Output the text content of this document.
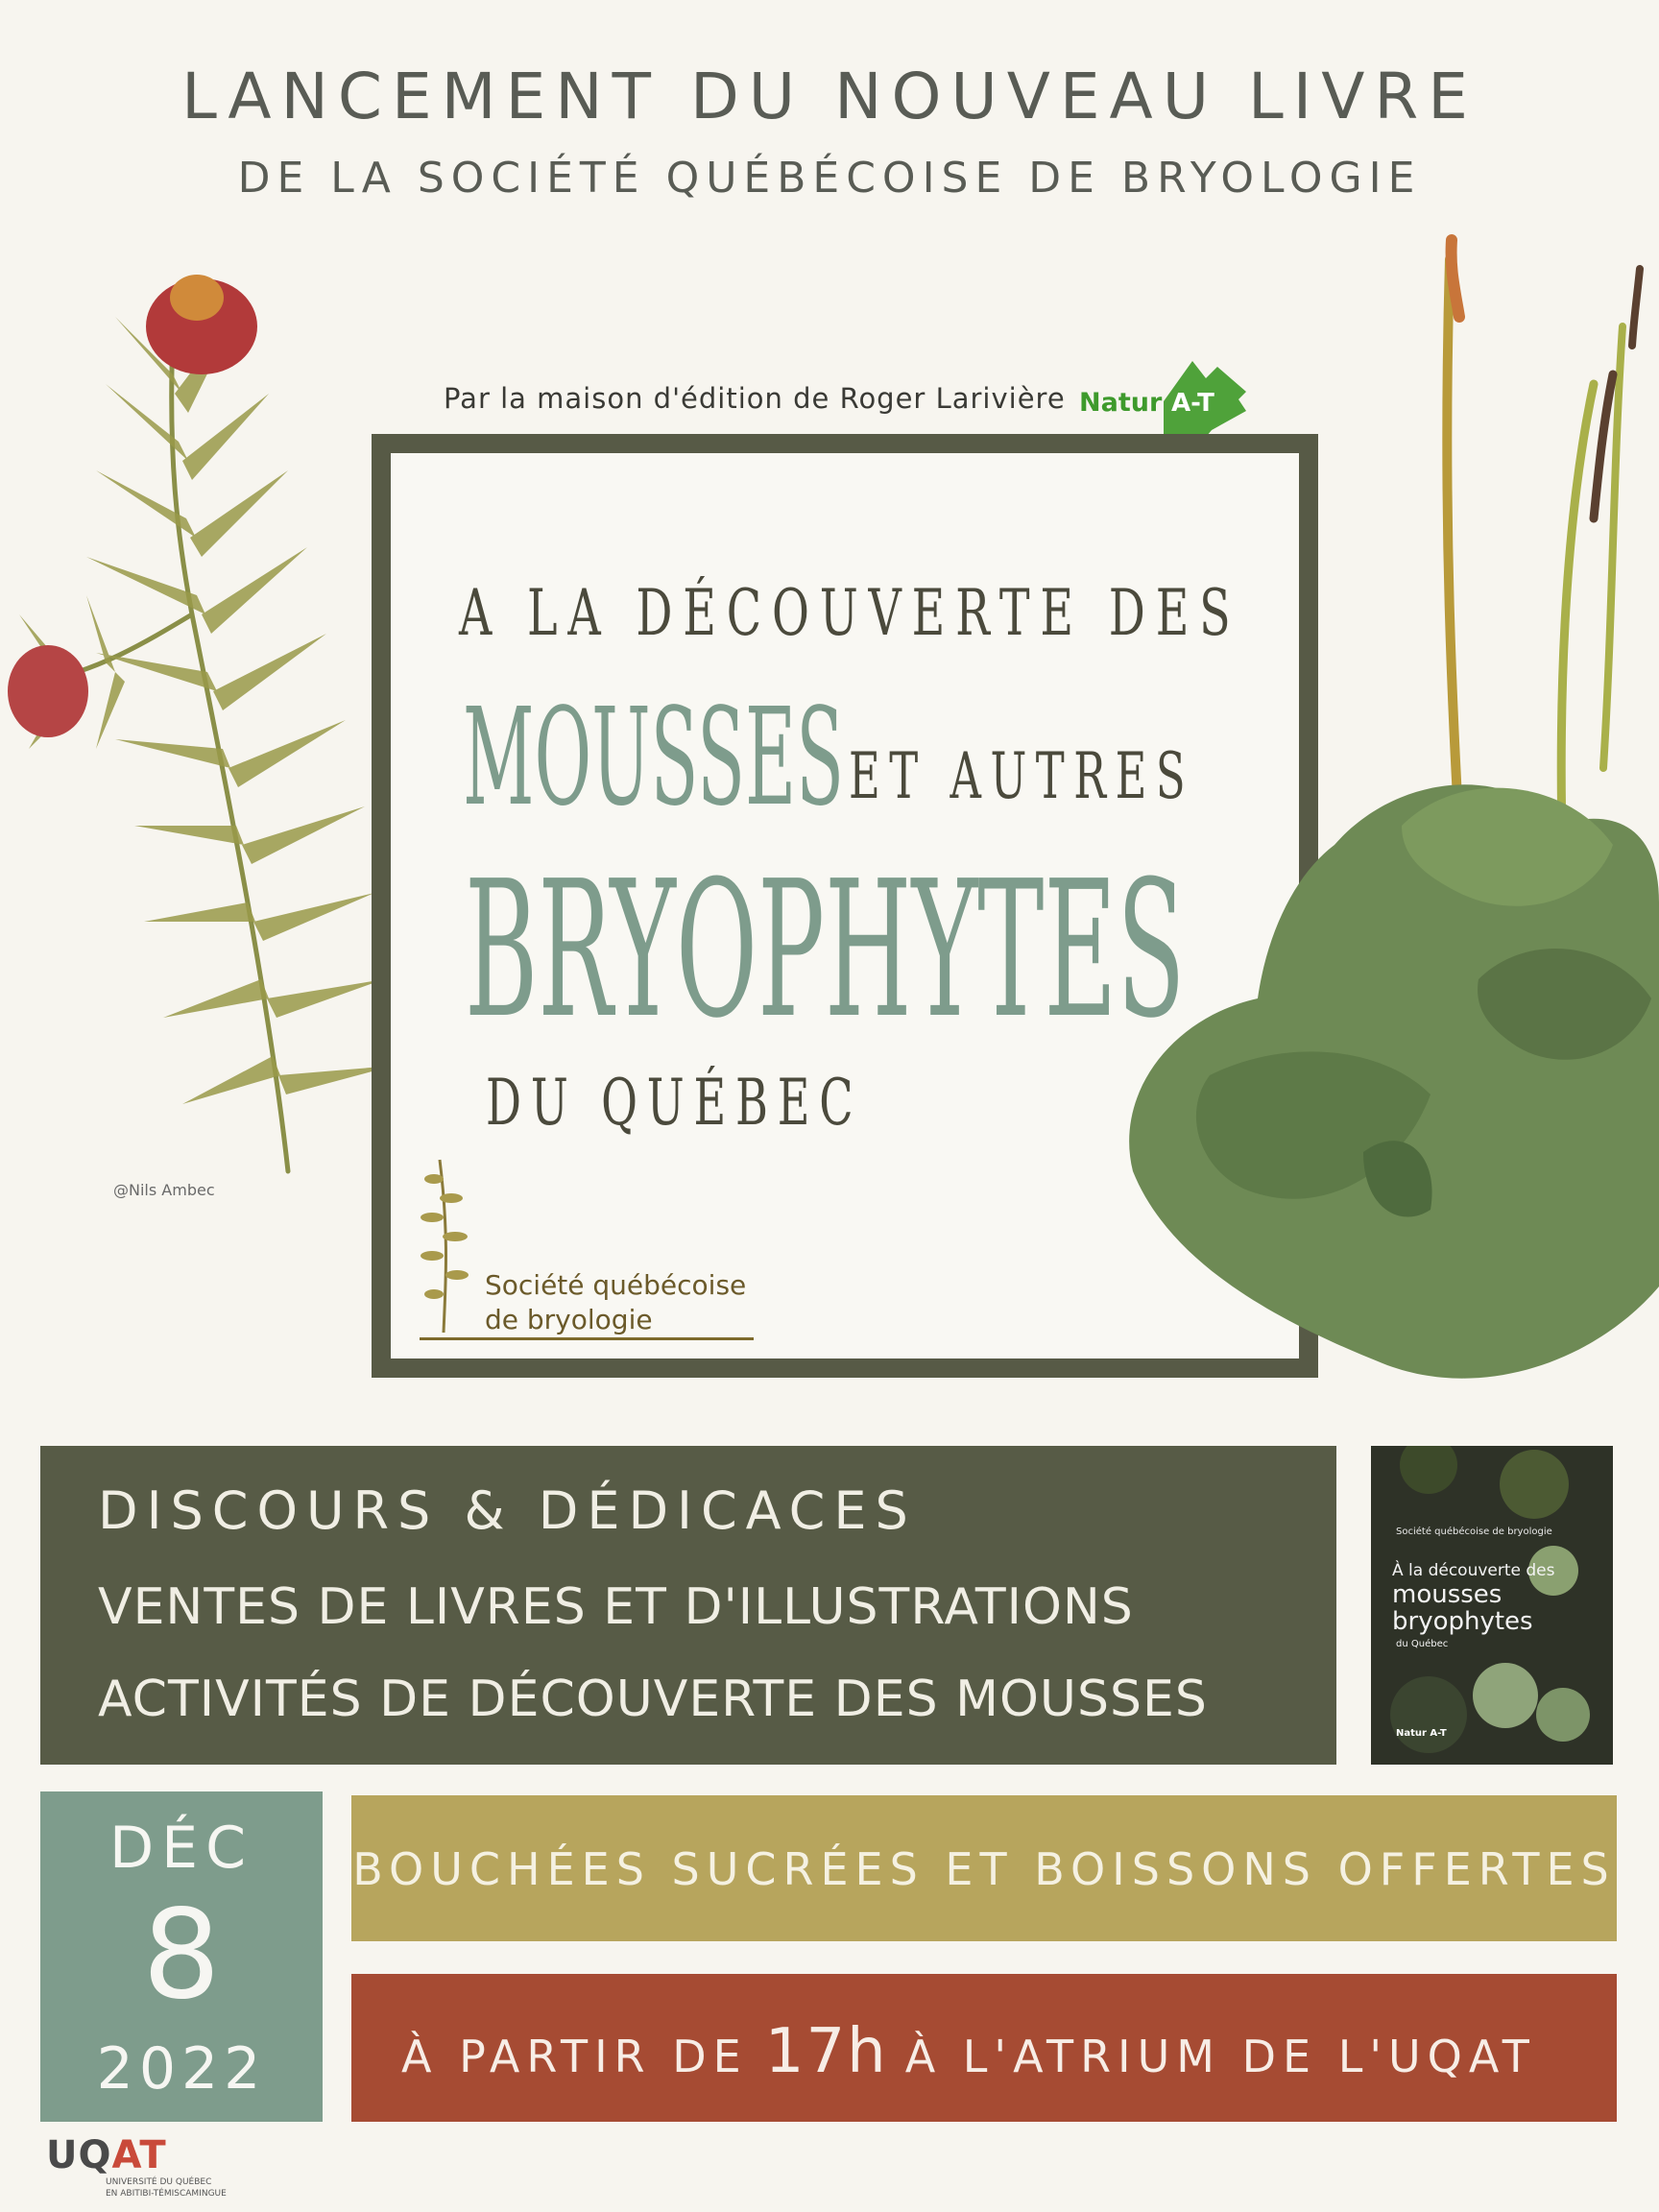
LANCEMENT DU NOUVEAU LIVRE
DE LA SOCIÉTÉ QUÉBÉCOISE DE BRYOLOGIE
@Nils Ambec
Par la maison d'édition de Roger Larivière Natur A-T
A LA DÉCOUVERTE DES
MOUSSES ET AUTRES
BRYOPHYTES
DU QUÉBEC
Société québécoise
de bryologie
DISCOURS & DÉDICACES
VENTES DE LIVRES ET D'ILLUSTRATIONS
ACTIVITÉS DE DÉCOUVERTE DES MOUSSES
Société québécoise de bryologie
À la découverte des
mousses
bryophytes
du Québec
Natur A-T
DÉC
8
2022
BOUCHÉES SUCRÉES ET BOISSONS OFFERTES
À PARTIR DE 17h À L'ATRIUM DE L'UQAT
UQAT
UNIVERSITÉ DU QUÉBEC
EN ABITIBI-TÉMISCAMINGUE
